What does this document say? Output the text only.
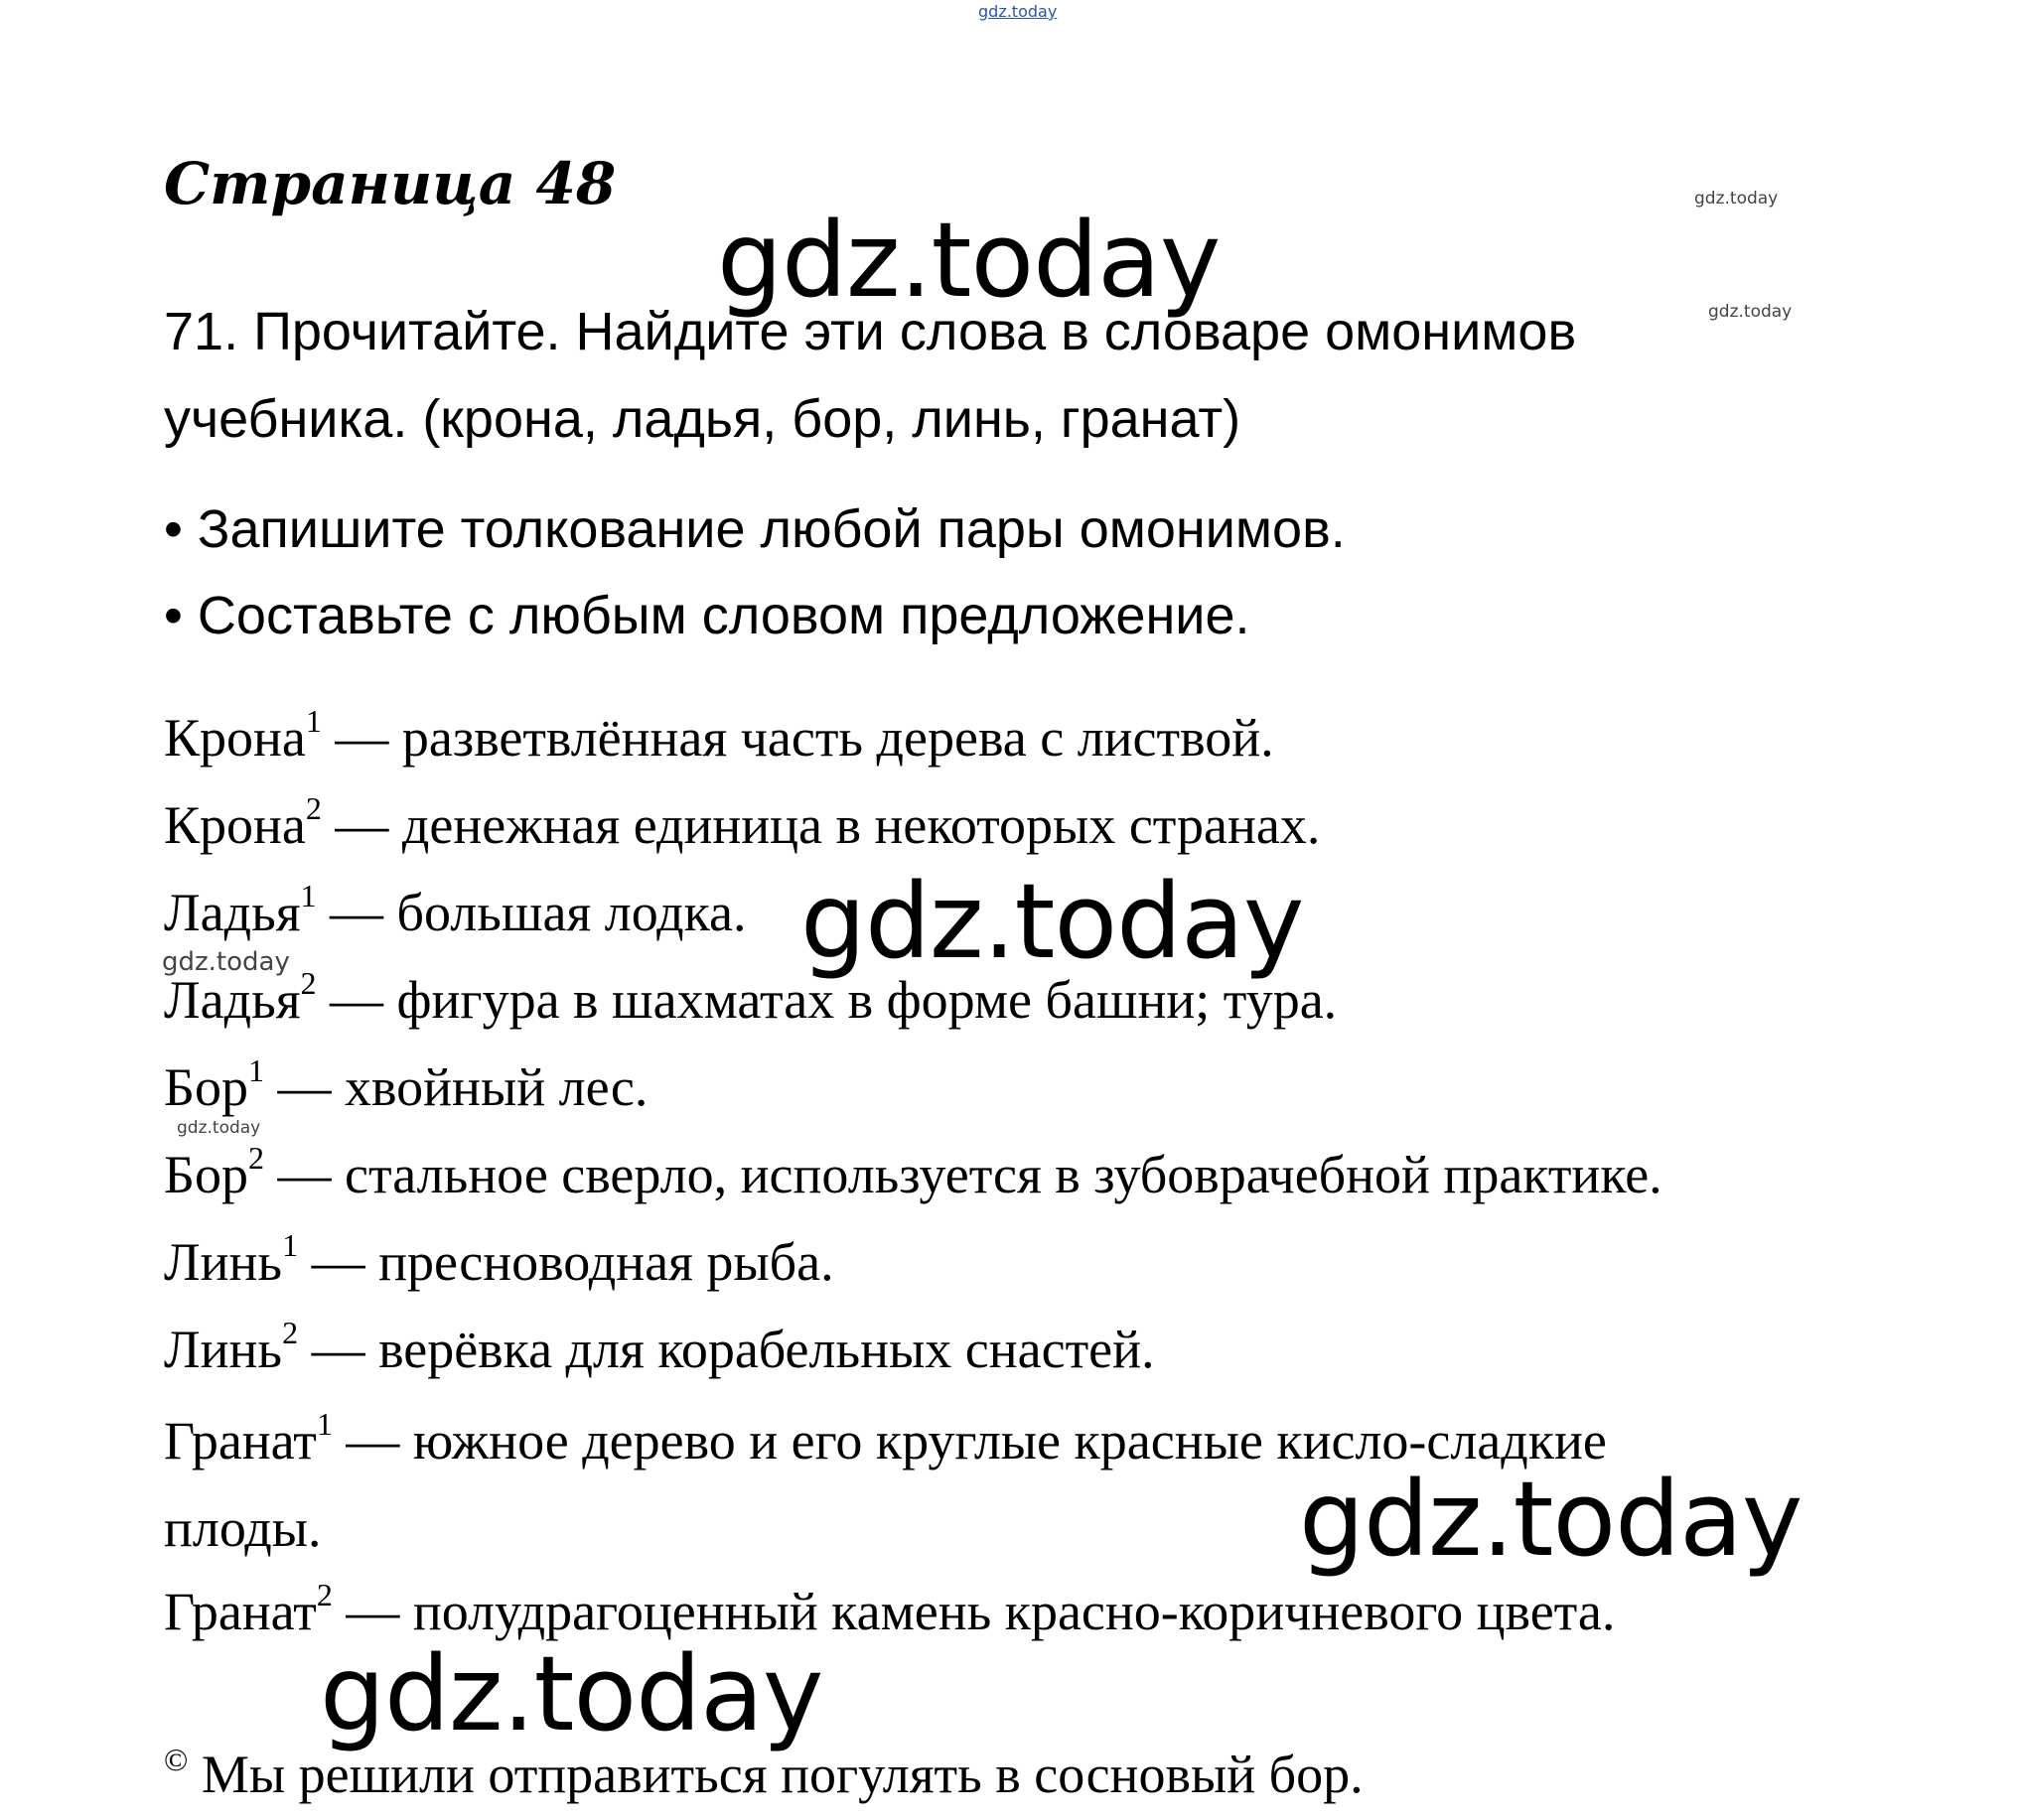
gdz.today
Страница 48	gdz.today
gdz.today
71. Прочитайте. Найдите эти слова в словаре омонимов
учебника. (крона, ладья, бор, линь, гранат)
gdz.today
• Запишите толкование любой пары омонимов.
• Составьте с любым словом предложение.
Крона$^1$ — разветвлённая часть дерева с листвой.
Крона$^2$ — денежная единица в некоторых странах.
Ладья$^1$ — большая лодка.
Ладья$^2$ — фигура в шахматах в форме башни; тура.
Бор$^1$ — хвойный лес.
Бор$^2$ — стальное сверло, используется в зубоврачебной практике.
Линь$^1$ — пресноводная рыба.
Линь$^2$ — верёвка для корабельных снастей.
Гранат$^1$ — южное дерево и его круглые красные кисло-сладкие плоды.
Гранат$^2$ — полудрагоценный камень красно-коричневого цвета.
gdz.today
gdz.today
gdz.today
gdz.today
gdz.today
© Мы решили отправиться погулять в сосновый бор.
